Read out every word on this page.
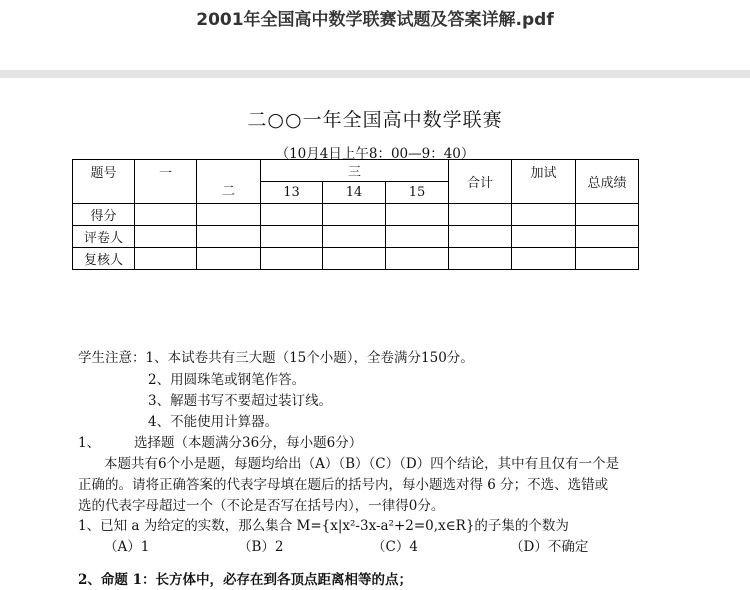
2001年全国高中数学联赛试题及答案详解.pdf
二○○一年全国高中数学联赛
（10月4日上午8：00—9：40）
题号	一	二	三			合计	加试	总成绩
			13	14	15			
得分								
评卷人								
复核人								
学生注意：1、本试卷共有三大题（15个小题），全卷满分150分。
2、用圆珠笔或钢笔作答。
3、解题书写不要超过装订线。
4、不能使用计算器。
1、	选择题（本题满分36分，每小题6分）
本题共有6个小是题，每题均给出（A）（B）（C）（D）四个结论，其中有且仅有一个是
正确的。请将正确答案的代表字母填在题后的括号内，每小题选对得 6 分；不选、选错或
选的代表字母超过一个（不论是否写在括号内），一律得0分。
1、已知 a 为给定的实数，那么集合 M={x|x²-3x-a²+2=0,x∈R}的子集的个数为
（A）1	（B）2	（C）4	（D）不确定
2、命题 1：长方体中，必存在到各顶点距离相等的点；
